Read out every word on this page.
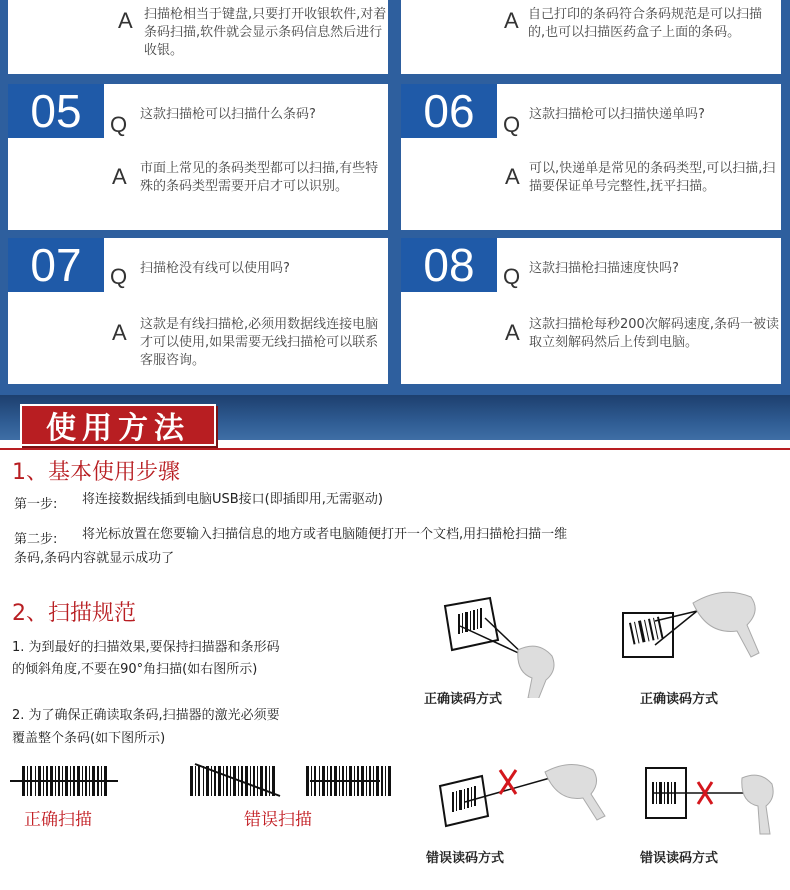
A 扫描枪相当于键盘,只要打开收银软件,对着条码扫描,软件就会显示条码信息然后进行收银。
A 自己打印的条码符合条码规范是可以扫描的,也可以扫描医药盒子上面的条码。
05	Q 这款扫描枪可以扫描什么条码?
A 市面上常见的条码类型都可以扫描,有些特殊的条码类型需要开启才可以识别。
06	Q 这款扫描枪可以扫描快递单吗?
A 可以,快递单是常见的条码类型,可以扫描,扫描要保证单号完整性,抚平扫描。
07	Q 扫描枪没有线可以使用吗?
A 这款是有线扫描枪,必须用数据线连接电脑才可以使用,如果需要无线扫描枪可以联系客服咨询。
08	Q 这款扫描枪扫描速度快吗?
A 这款扫描枪每秒200次解码速度,条码一被读取立刻解码然后上传到电脑。
使用方法
1、基本使用步骤
第一步: 将连接数据线插到电脑USB接口(即插即用,无需驱动)
第二步: 将光标放置在您要输入扫描信息的地方或者电脑随便打开一个文档,用扫描枪扫描一维
条码,条码内容就显示成功了
2、扫描规范
1. 为到最好的扫描效果,要保持扫描器和条形码
的倾斜角度,不要在90°角扫描(如右图所示)
2. 为了确保正确读取条码,扫描器的激光必须要
覆盖整个条码(如下图所示)
正确扫描	错误扫描
正确读码方式	正确读码方式
错误读码方式	错误读码方式
